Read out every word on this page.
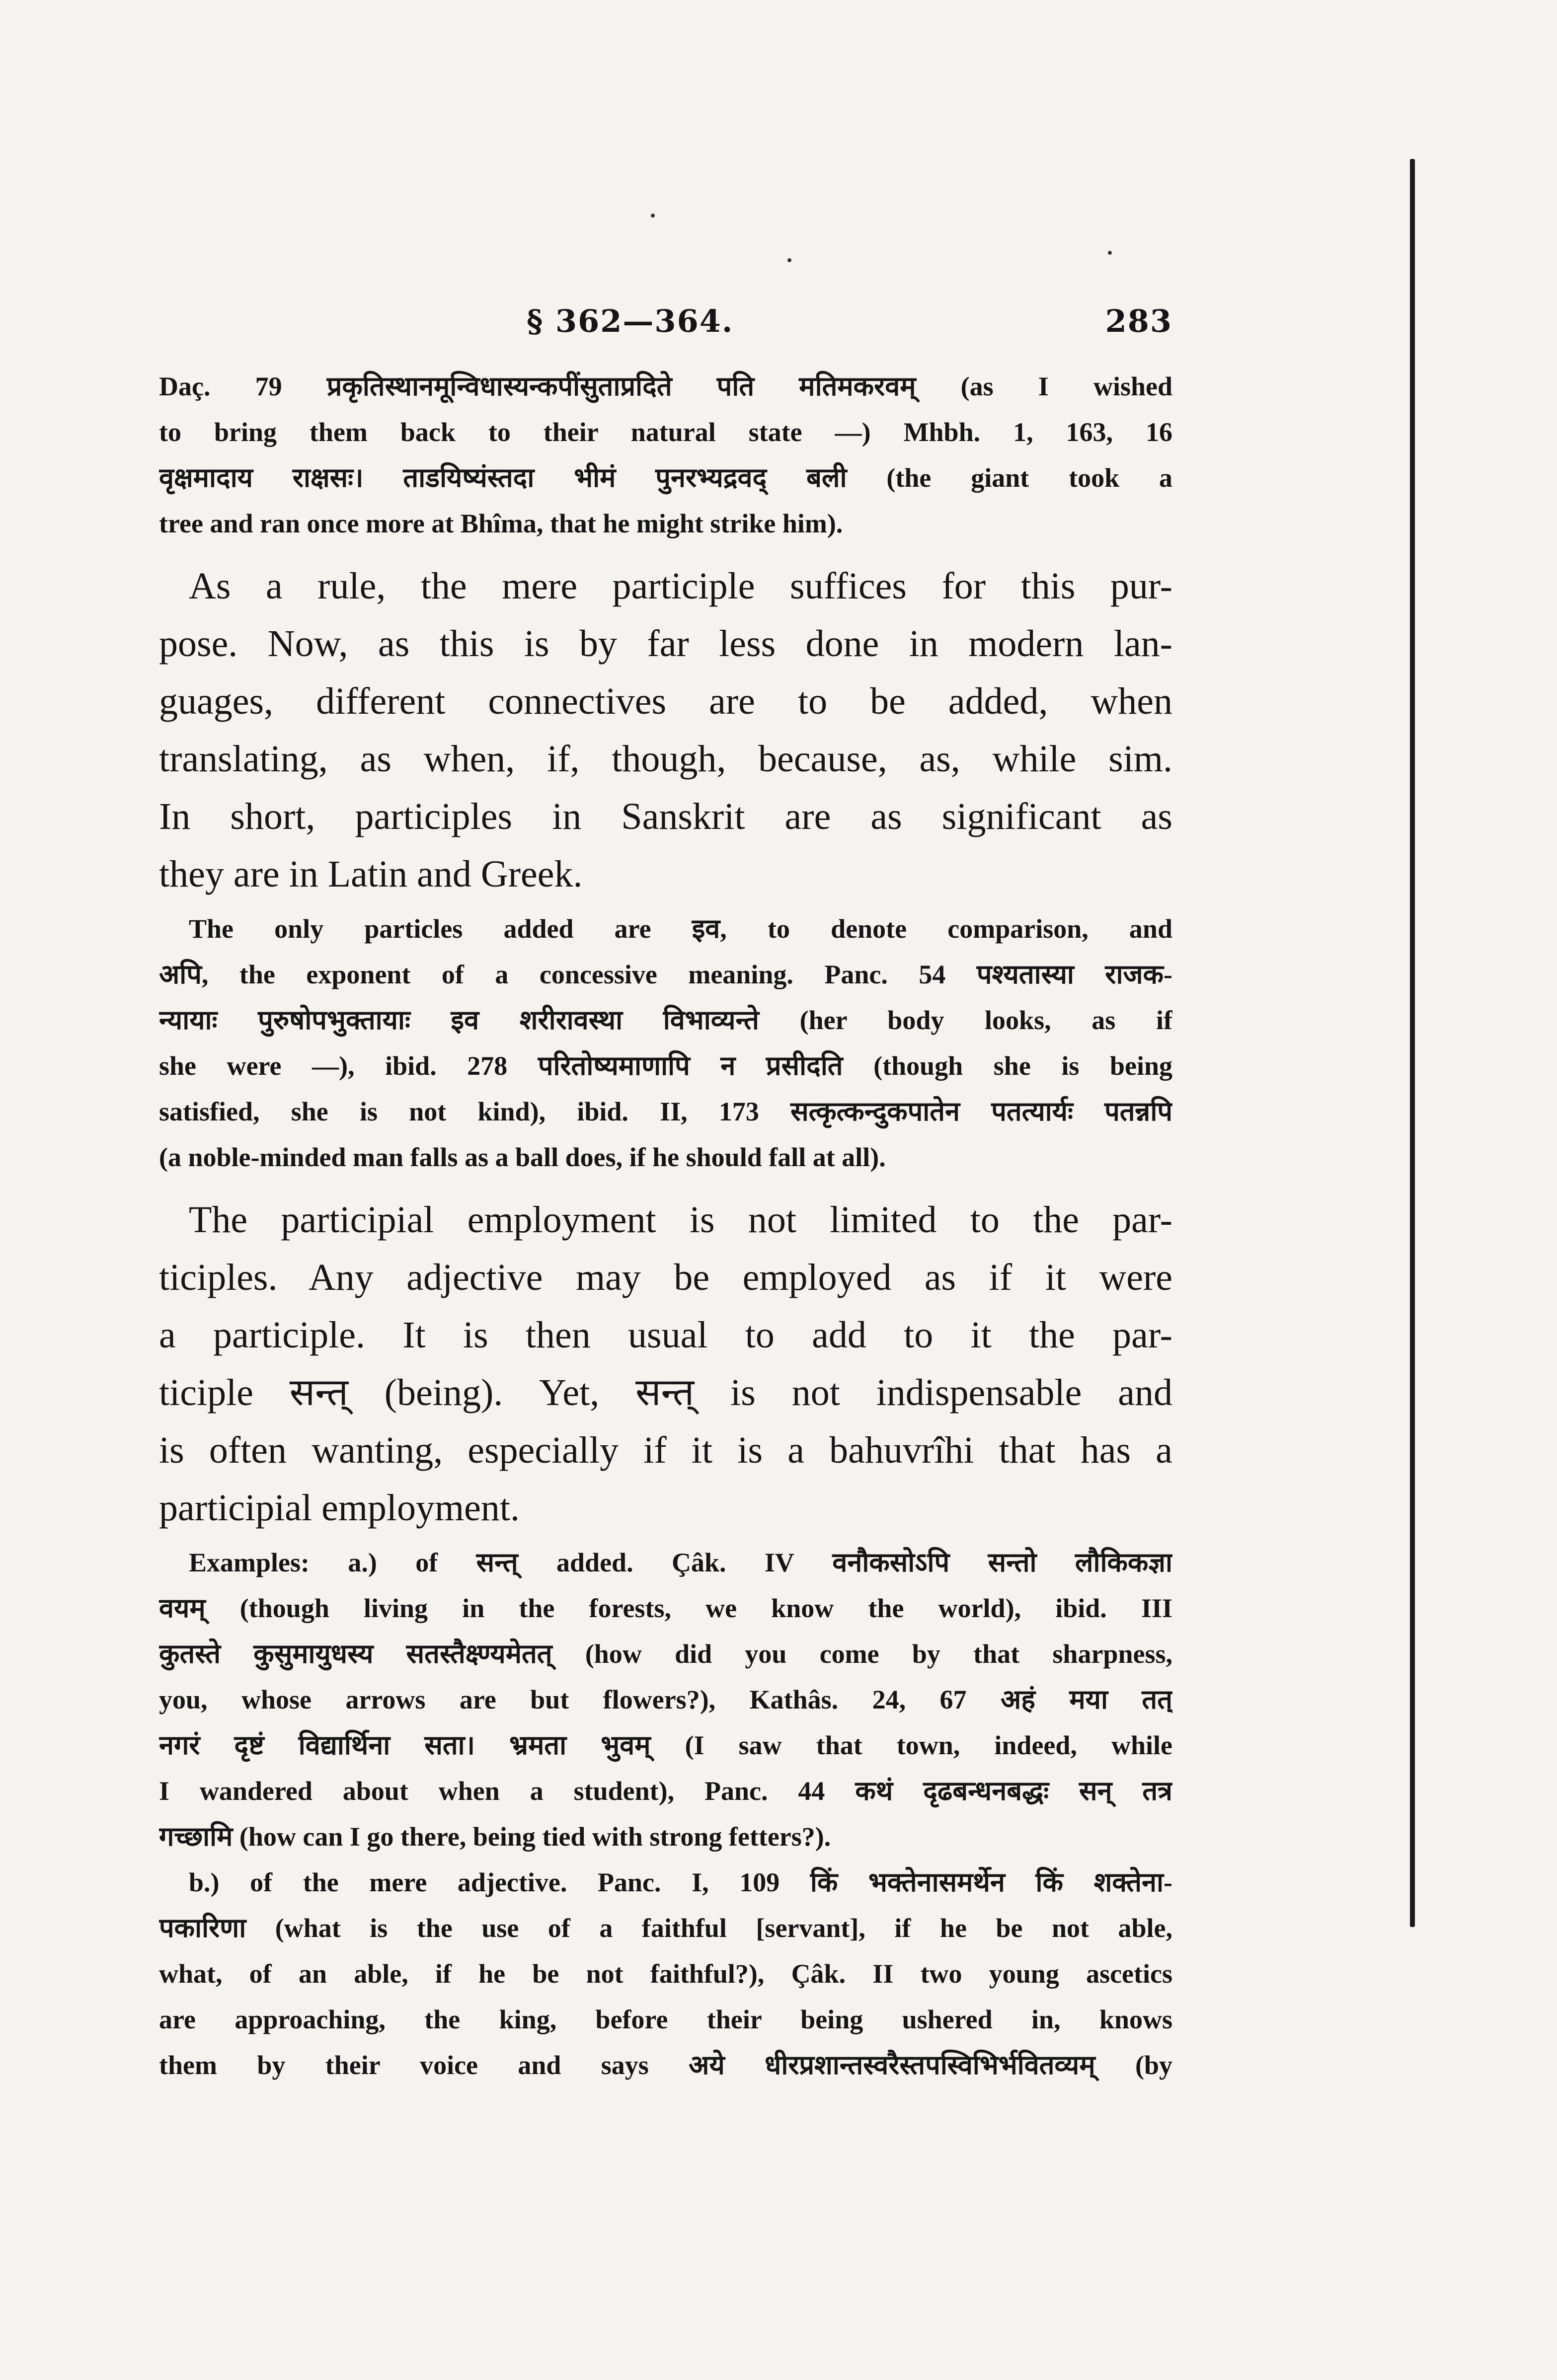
§ 362—364.	283

Daç. 79 प्रकृतिस्थानमून्विधास्यन्कपींसुताप्रदिते पति मतिमकरवम् (as I wished

to bring them back to their natural state —) Mhbh. 1, 163, 16

वृक्षमादाय राक्षसः। ताडयिष्यंस्तदा भीमं पुनरभ्यद्रवद् बली (the giant took a

tree and ran once more at Bhîma, that he might strike him).

As a rule, the mere participle suffices for this pur-

pose. Now, as this is by far less done in modern lan-

guages, different connectives are to be added, when

translating, as when, if, though, because, as, while sim.

In short, participles in Sanskrit are as significant as

they are in Latin and Greek.

The only particles added are इव, to denote comparison, and

अपि, the exponent of a concessive meaning. Panc. 54 पश्यतास्या राजक-

न्यायाः पुरुषोपभुक्तायाः इव शरीरावस्था विभाव्यन्ते (her body looks, as if

she were —), ibid. 278 परितोष्यमाणापि न प्रसीदति (though she is being

satisfied, she is not kind), ibid. II, 173 सत्कृत्कन्दुकपातेन पतत्यार्यः पतन्नपि

(a noble-minded man falls as a ball does, if he should fall at all).

The participial employment is not limited to the par-

ticiples. Any adjective may be employed as if it were

a participle. It is then usual to add to it the par-

ticiple सन्त् (being). Yet, सन्त् is not indispensable and

is often wanting, especially if it is a bahuvrîhi that has a

participial employment.

Examples: a.) of सन्त् added. Çâk. IV वनौकसोऽपि सन्तो लौकिकज्ञा

वयम् (though living in the forests, we know the world), ibid. III

कुतस्ते कुसुमायुधस्य सतस्तैक्ष्ण्यमेतत् (how did you come by that sharpness,

you, whose arrows are but flowers?), Kathâs. 24, 67 अहं मया तत्

नगरं दृष्टं विद्यार्थिना सता। भ्रमता भुवम् (I saw that town, indeed, while

I wandered about when a student), Panc. 44 कथं दृढबन्धनबद्धः सन् तत्र

गच्छामि (how can I go there, being tied with strong fetters?).

b.) of the mere adjective. Panc. I, 109 किं भक्तेनासमर्थेन किं शक्तेना-

पकारिणा (what is the use of a faithful [servant], if he be not able,

what, of an able, if he be not faithful?), Çâk. II two young ascetics

are approaching, the king, before their being ushered in, knows

them by their voice and says अये धीरप्रशान्तस्वरैस्तपस्विभिर्भवितव्यम् (by
